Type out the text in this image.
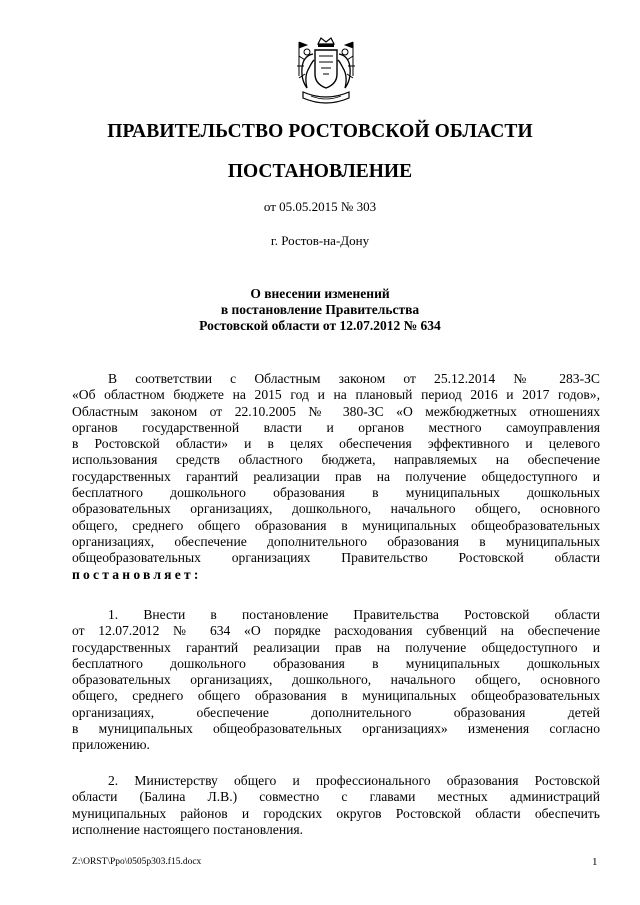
ПРАВИТЕЛЬСТВО РОСТОВСКОЙ ОБЛАСТИ
ПОСТАНОВЛЕНИЕ
от 05.05.2015 № 303
г. Ростов-на-Дону
О внесении изменений
в постановление Правительства
Ростовской области от 12.07.2012 № 634
В соответствии с Областным законом от 25.12.2014 № 283-ЗС
«Об областном бюджете на 2015 год и на плановый период 2016 и 2017 годов»,
Областным законом от 22.10.2005 № 380-ЗС «О межбюджетных отношениях
органов государственной власти и органов местного самоуправления
в Ростовской области» и в целях обеспечения эффективного и целевого
использования средств областного бюджета, направляемых на обеспечение
государственных гарантий реализации прав на получение общедоступного и
бесплатного дошкольного образования в муниципальных дошкольных
образовательных организациях, дошкольного, начального общего, основного
общего, среднего общего образования в муниципальных общеобразовательных
организациях, обеспечение дополнительного образования в муниципальных
общеобразовательных организациях Правительство Ростовской области
постановляет:
1. Внести в постановление Правительства Ростовской области
от 12.07.2012 № 634 «О порядке расходования субвенций на обеспечение
государственных гарантий реализации прав на получение общедоступного и
бесплатного дошкольного образования в муниципальных дошкольных
образовательных организациях, дошкольного, начального общего, основного
общего, среднего общего образования в муниципальных общеобразовательных
организациях, обеспечение дополнительного образования детей
в муниципальных общеобразовательных организациях» изменения согласно
приложению.
2. Министерству общего и профессионального образования Ростовской
области (Балина Л.В.) совместно с главами местных администраций
муниципальных районов и городских округов Ростовской области обеспечить
исполнение настоящего постановления.
Z:\ORST\Ppo\0505p303.f15.docx	1
